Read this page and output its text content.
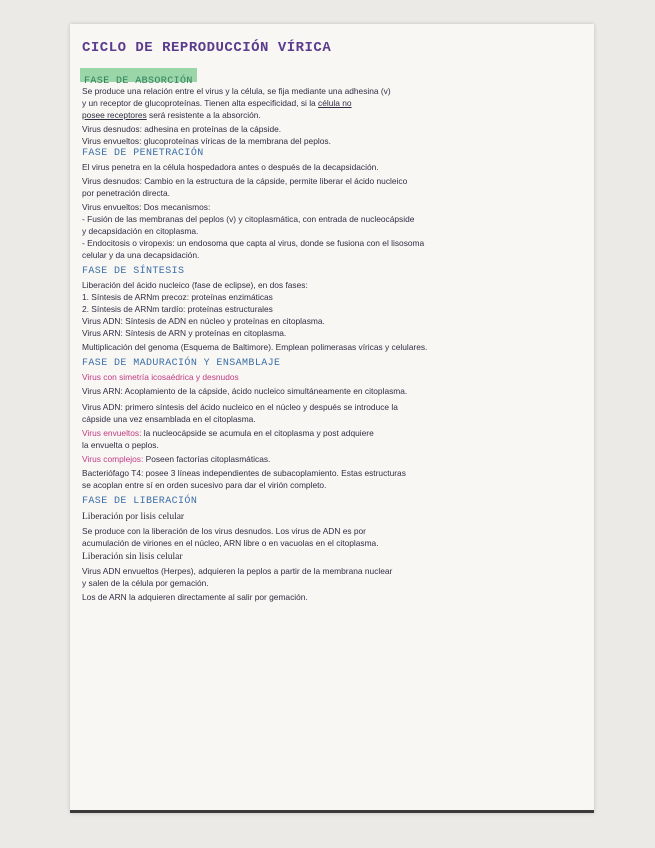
CICLO DE REPRODUCCIÓN VÍRICA
FASE DE ABSORCIÓN
Se produce una relación entre el virus y la célula, se fija mediante una adhesina (v)
y un receptor de glucoproteínas. Tienen alta especificidad, si la célula no
posee receptores será resistente a la absorción.
Virus desnudos: adhesina en proteínas de la cápside.
Virus envueltos: glucoproteínas víricas de la membrana del peplos.
FASE DE PENETRACIÓN
El virus penetra en la célula hospedadora antes o después de la decapsidación.
Virus desnudos: Cambio en la estructura de la cápside, permite liberar el ácido nucleico
por penetración directa.
Virus envueltos: Dos mecanismos:
- Fusión de las membranas del peplos (v) y citoplasmática, con entrada de nucleocápside
y decapsidación en citoplasma.
- Endocitosis o viropexis: un endosoma que capta al virus, donde se fusiona con el lisosoma
celular y da una decapsidación.
FASE DE SÍNTESIS
Liberación del ácido nucleico (fase de eclipse), en dos fases:
1. Síntesis de ARNm precoz: proteínas enzimáticas
2. Síntesis de ARNm tardío: proteínas estructurales
Virus ADN: Síntesis de ADN en núcleo y proteínas en citoplasma.
Virus ARN: Síntesis de ARN y proteínas en citoplasma.
Multiplicación del genoma (Esquema de Baltimore). Emplean polimerasas víricas y celulares.
FASE DE MADURACIÓN Y ENSAMBLAJE
Virus con simetría icosaédrica y desnudos
Virus ARN: Acoplamiento de la cápside, ácido nucleico simultáneamente en citoplasma.
Virus ADN: primero síntesis del ácido nucleico en el núcleo y después se introduce la
cápside una vez ensamblada en el citoplasma.
Virus envueltos: la nucleocápside se acumula en el citoplasma y post adquiere
la envuelta o peplos.
Virus complejos: Poseen factorías citoplasmáticas.
Bacteriófago T4: posee 3 líneas independientes de subacoplamiento. Estas estructuras
se acoplan entre sí en orden sucesivo para dar el virión completo.
FASE DE LIBERACIÓN
Liberación por lisis celular
Se produce con la liberación de los virus desnudos. Los virus de ADN es por
acumulación de viriones en el núcleo, ARN libre o en vacuolas en el citoplasma.
Liberación sin lisis celular
Virus ADN envueltos (Herpes), adquieren la peplos a partir de la membrana nuclear
y salen de la célula por gemación.
Los de ARN la adquieren directamente al salir por gemación.
